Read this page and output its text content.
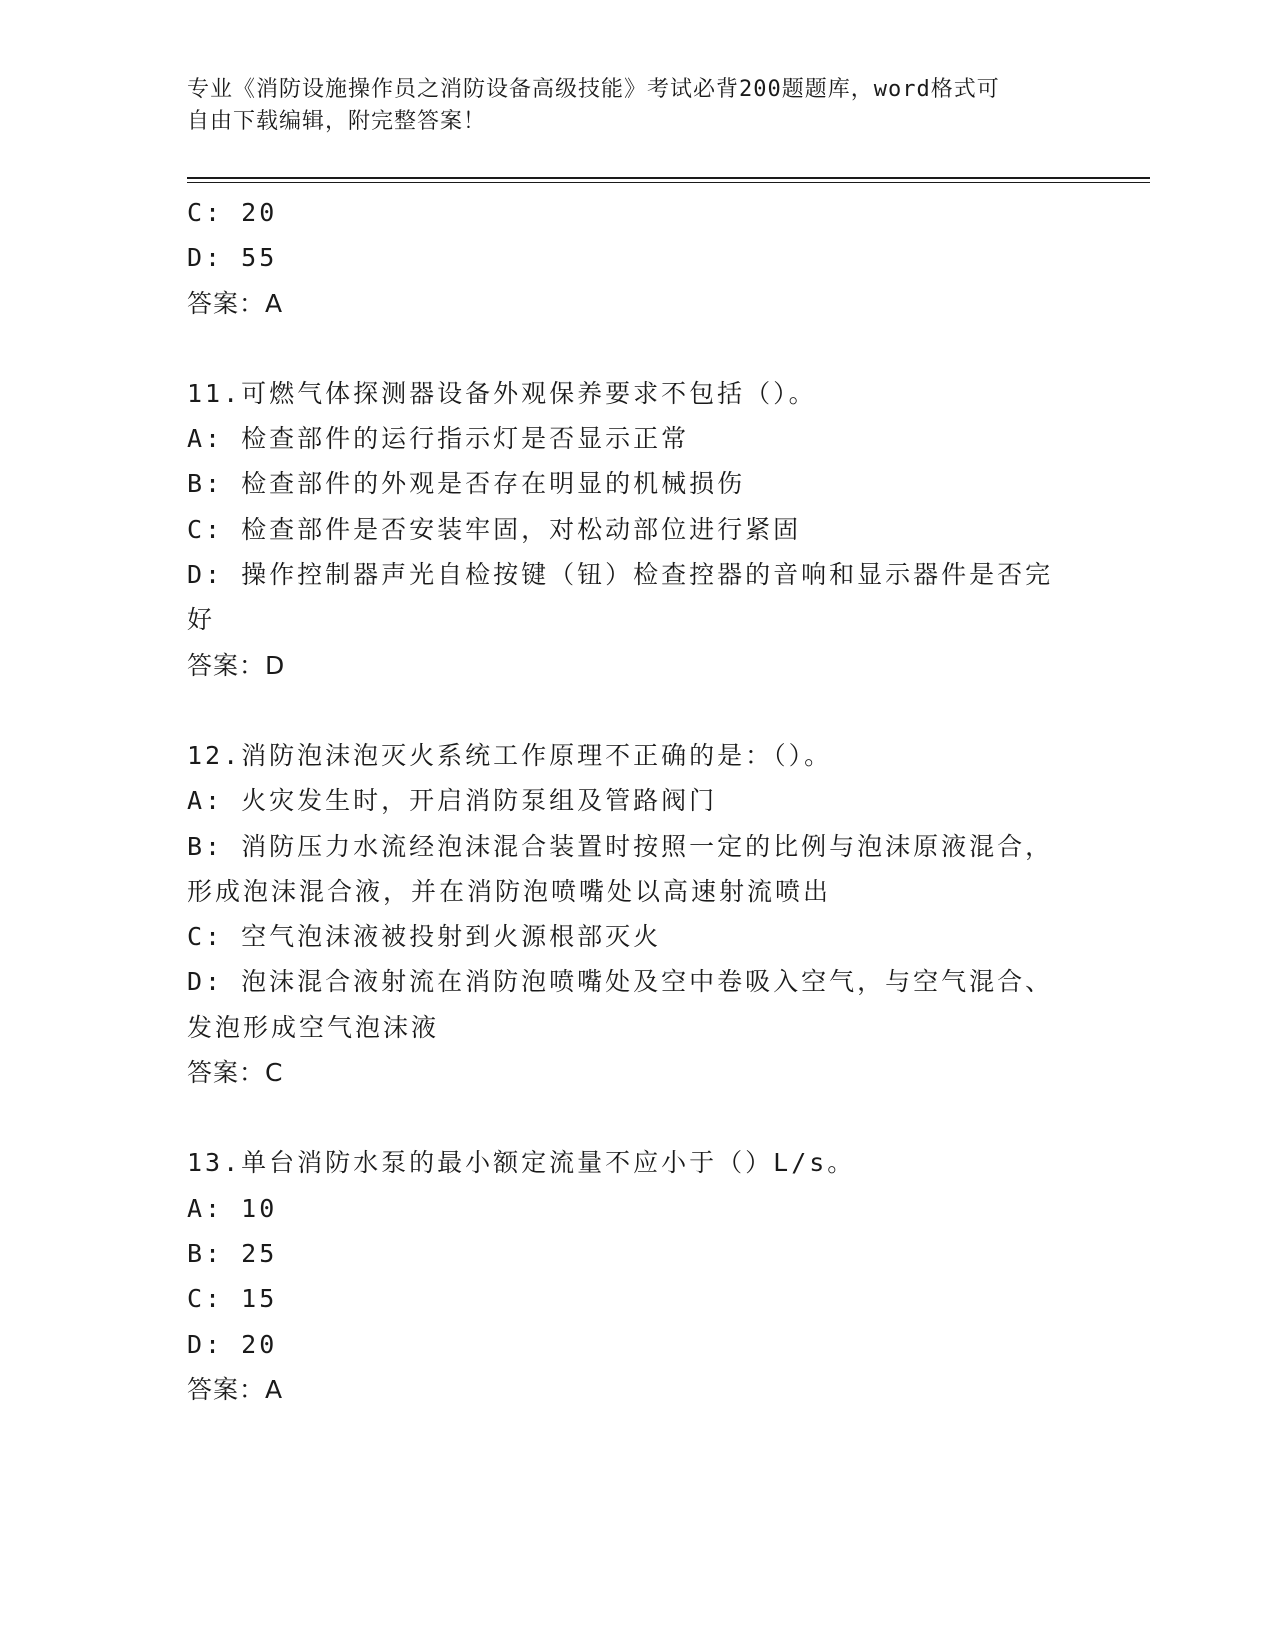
专业《消防设施操作员之消防设备高级技能》考试必背200题题库，word格式可
自由下载编辑，附完整答案！
C: 20
D: 55
答案：A
11.可燃气体探测器设备外观保养要求不包括（）。
A: 检查部件的运行指示灯是否显示正常
B: 检查部件的外观是否存在明显的机械损伤
C: 检查部件是否安装牢固，对松动部位进行紧固
D: 操作控制器声光自检按键（钮）检查控器的音响和显示器件是否完
好
答案：D
12.消防泡沫泡灭火系统工作原理不正确的是：（）。
A: 火灾发生时，开启消防泵组及管路阀门
B: 消防压力水流经泡沫混合装置时按照一定的比例与泡沫原液混合，
形成泡沫混合液，并在消防泡喷嘴处以高速射流喷出
C: 空气泡沫液被投射到火源根部灭火
D: 泡沫混合液射流在消防泡喷嘴处及空中卷吸入空气，与空气混合、
发泡形成空气泡沫液
答案：C
13.单台消防水泵的最小额定流量不应小于（）L/s。
A: 10
B: 25
C: 15
D: 20
答案：A
